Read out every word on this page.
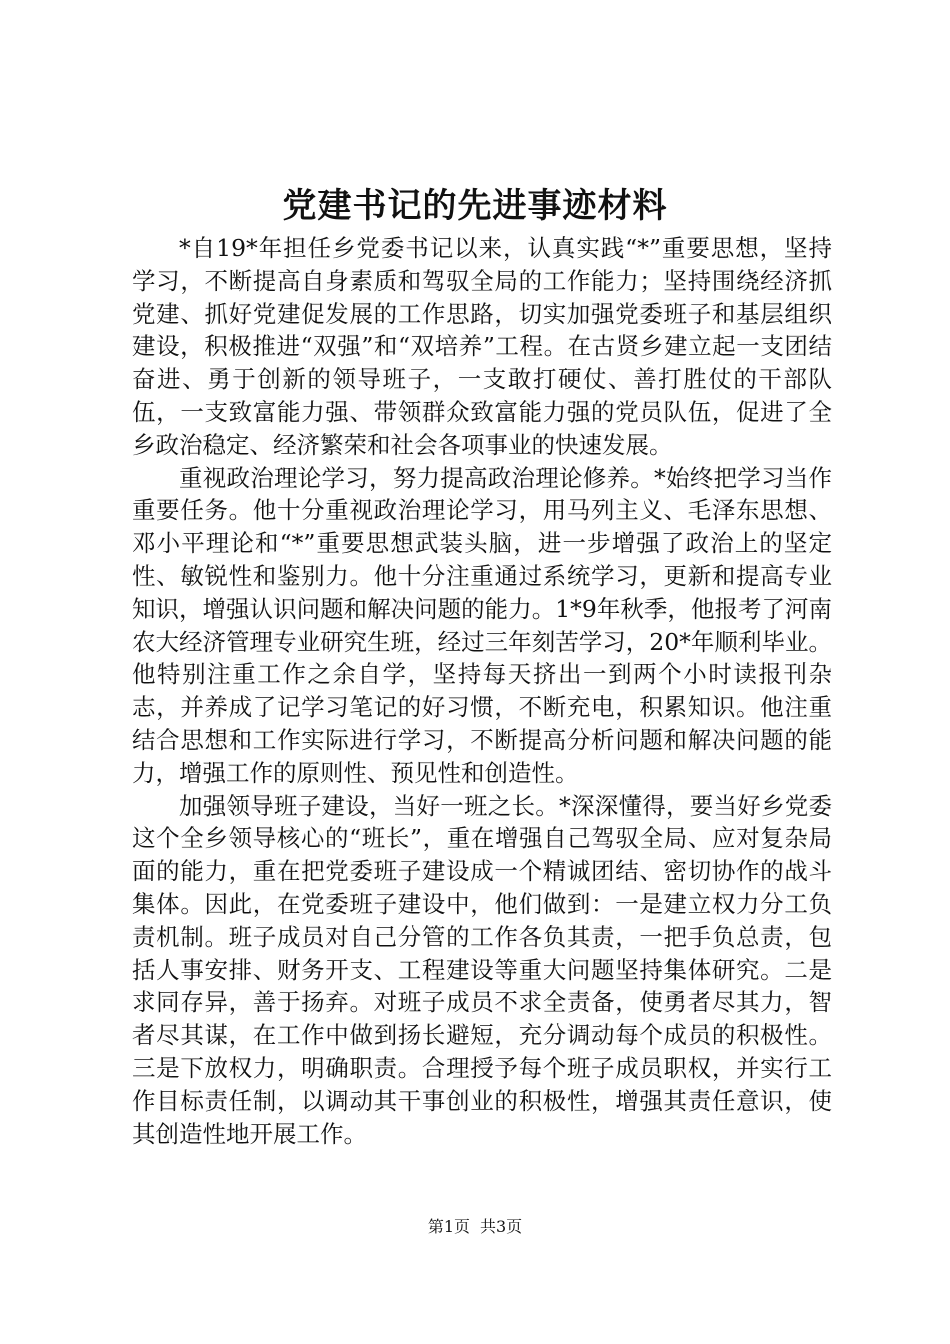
党建书记的先进事迹材料

*自19*年担任乡党委书记以来，认真实践“*”重要思想，坚持学习，不断提高自身素质和驾驭全局的工作能力；坚持围绕经济抓党建、抓好党建促发展的工作思路，切实加强党委班子和基层组织建设，积极推进“双强”和“双培养”工程。在古贤乡建立起一支团结奋进、勇于创新的领导班子，一支敢打硬仗、善打胜仗的干部队伍，一支致富能力强、带领群众致富能力强的党员队伍，促进了全乡政治稳定、经济繁荣和社会各项事业的快速发展。

重视政治理论学习，努力提高政治理论修养。*始终把学习当作重要任务。他十分重视政治理论学习，用马列主义、毛泽东思想、邓小平理论和“*”重要思想武装头脑，进一步增强了政治上的坚定性、敏锐性和鉴别力。他十分注重通过系统学习，更新和提高专业知识，增强认识问题和解决问题的能力。1*9年秋季，他报考了河南农大经济管理专业研究生班，经过三年刻苦学习，20*年顺利毕业。他特别注重工作之余自学，坚持每天挤出一到两个小时读报刊杂志，并养成了记学习笔记的好习惯，不断充电，积累知识。他注重结合思想和工作实际进行学习，不断提高分析问题和解决问题的能力，增强工作的原则性、预见性和创造性。

加强领导班子建设，当好一班之长。*深深懂得，要当好乡党委这个全乡领导核心的“班长”，重在增强自己驾驭全局、应对复杂局面的能力，重在把党委班子建设成一个精诚团结、密切协作的战斗集体。因此，在党委班子建设中，他们做到：一是建立权力分工负责机制。班子成员对自己分管的工作各负其责，一把手负总责，包括人事安排、财务开支、工程建设等重大问题坚持集体研究。二是求同存异，善于扬弃。对班子成员不求全责备，使勇者尽其力，智者尽其谋，在工作中做到扬长避短，充分调动每个成员的积极性。三是下放权力，明确职责。合理授予每个班子成员职权，并实行工作目标责任制，以调动其干事创业的积极性，增强其责任意识，使其创造性地开展工作。

第1页 共3页
